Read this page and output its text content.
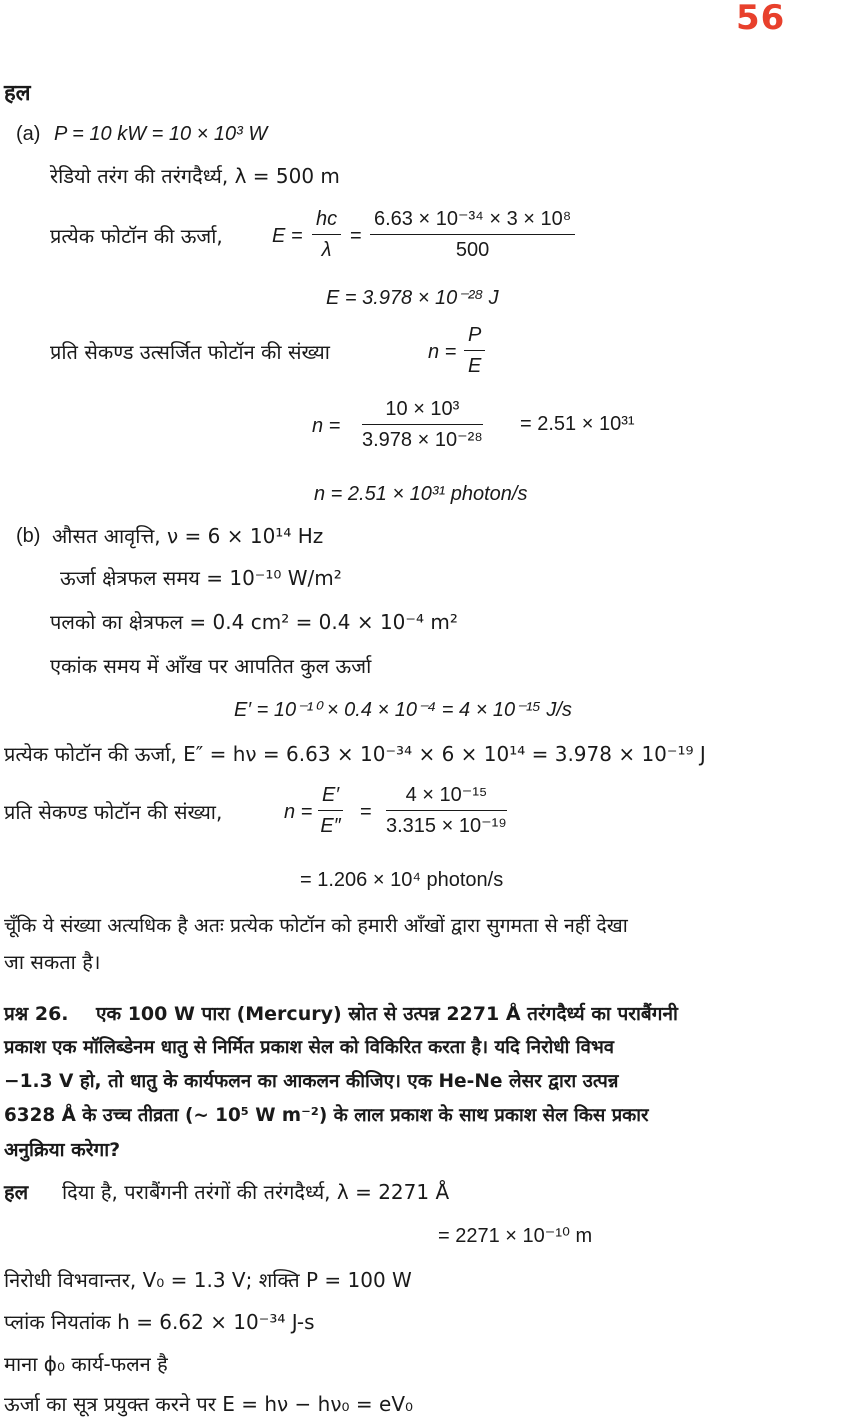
56
हल
(a) P = 10 kW = 10 × 10³ W
रेडियो तरंग की तरंगदैर्ध्य, λ = 500 m
प्रत्येक फोटॉन की ऊर्जा, $E = \frac{hc}{\lambda} = \frac{\text{6.63 × 10⁻³⁴ × 3 × 10⁸}}{500}$
E = 3.978 × 10⁻²⁸ J
प्रति सेकण्ड उत्सर्जित फोटॉन की संख्या	$n = \frac{P}{E}$
$n = \frac{\text{10 × 10³}}{\text{3.978 × 10⁻²⁸}} = 2.51 \times 10^{31}$
n = 2.51 × 10³¹ photon/s
(b) औसत आवृत्ति, ν = 6 × 10¹⁴ Hz
ऊर्जा क्षेत्रफल समय = 10⁻¹⁰ W/m²
पलको का क्षेत्रफल = 0.4 cm² = 0.4 × 10⁻⁴ m²
एकांक समय में आँख पर आपतित कुल ऊर्जा
E′ = 10⁻¹⁰ × 0.4 × 10⁻⁴ = 4 × 10⁻¹⁵ J/s
प्रत्येक फोटॉन की ऊर्जा, E″ = hν = 6.63 × 10⁻³⁴ × 6 × 10¹⁴ = 3.978 × 10⁻¹⁹ J
प्रति सेकण्ड फोटॉन की संख्या,	$n = \frac{E'}{E''} = \frac{\text{4 × 10⁻¹⁵}}{\text{3.315 × 10⁻¹⁹}}$
= 1.206 × 10⁴ photon/s
चूँकि ये संख्या अत्यधिक है अतः प्रत्येक फोटॉन को हमारी आँखों द्वारा सुगमता से नहीं देखा
जा सकता है।
प्रश्न 26. एक 100 W पारा (Mercury) स्रोत से उत्पन्न 2271 Å तरंगदैर्ध्य का पराबैंगनी
प्रकाश एक मॉलिब्डेनम धातु से निर्मित प्रकाश सेल को विकिरित करता है। यदि निरोधी विभव
−1.3 V हो, तो धातु के कार्यफलन का आकलन कीजिए। एक He-Ne लेसर द्वारा उत्पन्न
6328 Å के उच्च तीव्रता (~ 10⁵ W m⁻²) के लाल प्रकाश के साथ प्रकाश सेल किस प्रकार
अनुक्रिया करेगा?
हल दिया है, पराबैंगनी तरंगों की तरंगदैर्ध्य, λ = 2271 Å
= 2271 × 10⁻¹⁰ m
निरोधी विभवान्तर, V₀ = 1.3 V; शक्ति P = 100 W
प्लांक नियतांक h = 6.62 × 10⁻³⁴ J-s
माना ϕ₀ कार्य-फलन है
ऊर्जा का सूत्र प्रयुक्त करने पर E = hν − hν₀ = eV₀
